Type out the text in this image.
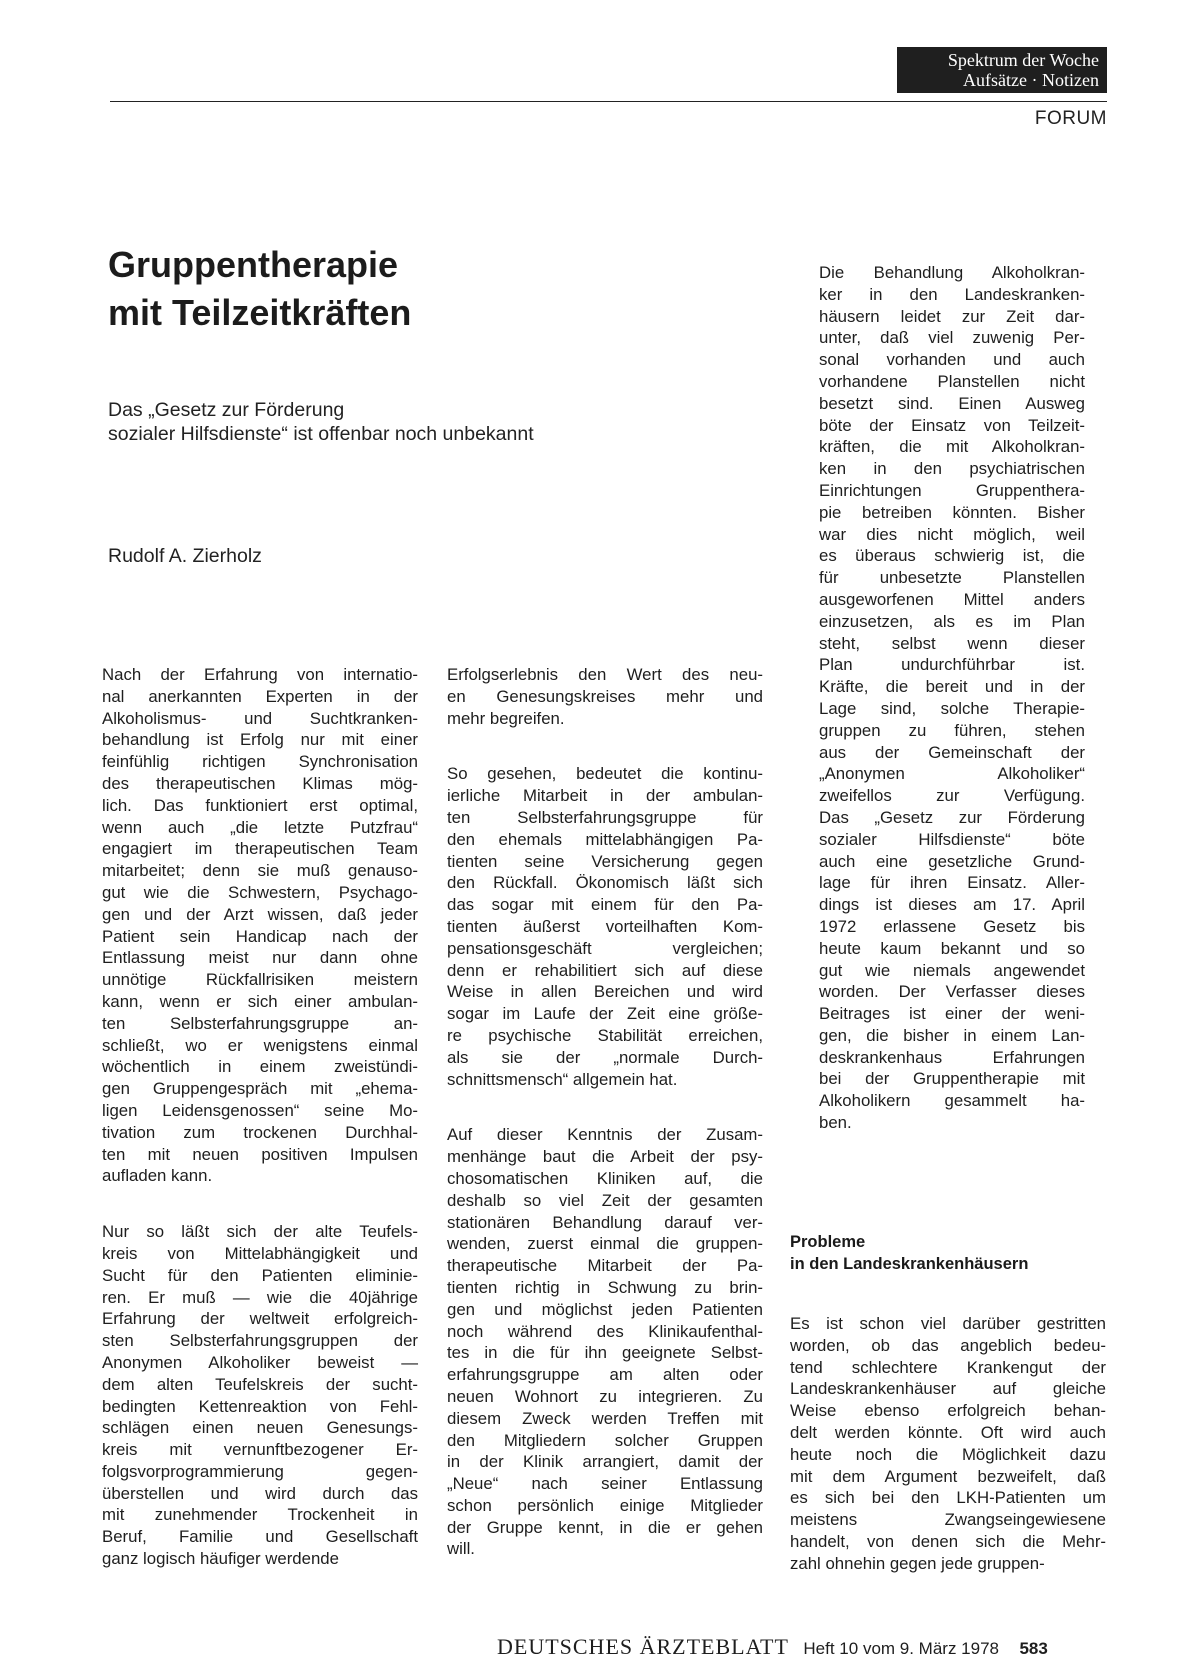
Spektrum der Woche
Aufsätze · Notizen
FORUM
Gruppentherapie
mit Teilzeitkräften
Das „Gesetz zur Förderung
sozialer Hilfsdienste“ ist offenbar noch unbekannt
Rudolf A. Zierholz

Nach der Erfahrung von internatio-
nal anerkannten Experten in der
Alkoholismus- und Suchtkranken-
behandlung ist Erfolg nur mit einer
feinfühlig richtigen Synchronisation
des therapeutischen Klimas mög-
lich. Das funktioniert erst optimal,
wenn auch „die letzte Putzfrau“
engagiert im therapeutischen Team
mitarbeitet; denn sie muß genauso-
gut wie die Schwestern, Psychago-
gen und der Arzt wissen, daß jeder
Patient sein Handicap nach der
Entlassung meist nur dann ohne
unnötige Rückfallrisiken meistern
kann, wenn er sich einer ambulan-
ten Selbsterfahrungsgruppe an-
schließt, wo er wenigstens einmal
wöchentlich in einem zweistündi-
gen Gruppengespräch mit „ehema-
ligen Leidensgenossen“ seine Mo-
tivation zum trockenen Durchhal-
ten mit neuen positiven Impulsen
aufladen kann.

Nur so läßt sich der alte Teufels-
kreis von Mittelabhängigkeit und
Sucht für den Patienten eliminie-
ren. Er muß — wie die 40jährige
Erfahrung der weltweit erfolgreich-
sten Selbsterfahrungsgruppen der
Anonymen Alkoholiker beweist —
dem alten Teufelskreis der sucht-
bedingten Kettenreaktion von Fehl-
schlägen einen neuen Genesungs-
kreis mit vernunftbezogener Er-
folgsvorprogrammierung gegen-
überstellen und wird durch das
mit zunehmender Trockenheit in
Beruf, Familie und Gesellschaft
ganz logisch häufiger werdende

Erfolgserlebnis den Wert des neu-
en Genesungskreises mehr und
mehr begreifen.

So gesehen, bedeutet die kontinu-
ierliche Mitarbeit in der ambulan-
ten Selbsterfahrungsgruppe für
den ehemals mittelabhängigen Pa-
tienten seine Versicherung gegen
den Rückfall. Ökonomisch läßt sich
das sogar mit einem für den Pa-
tienten äußerst vorteilhaften Kom-
pensationsgeschäft vergleichen;
denn er rehabilitiert sich auf diese
Weise in allen Bereichen und wird
sogar im Laufe der Zeit eine größe-
re psychische Stabilität erreichen,
als sie der „normale Durch-
schnittsmensch“ allgemein hat.

Auf dieser Kenntnis der Zusam-
menhänge baut die Arbeit der psy-
chosomatischen Kliniken auf, die
deshalb so viel Zeit der gesamten
stationären Behandlung darauf ver-
wenden, zuerst einmal die gruppen-
therapeutische Mitarbeit der Pa-
tienten richtig in Schwung zu brin-
gen und möglichst jeden Patienten
noch während des Klinikaufenthal-
tes in die für ihn geeignete Selbst-
erfahrungsgruppe am alten oder
neuen Wohnort zu integrieren. Zu
diesem Zweck werden Treffen mit
den Mitgliedern solcher Gruppen
in der Klinik arrangiert, damit der
„Neue“ nach seiner Entlassung
schon persönlich einige Mitglieder
der Gruppe kennt, in die er gehen
will.

Die Behandlung Alkoholkran-
ker in den Landeskranken-
häusern leidet zur Zeit dar-
unter, daß viel zuwenig Per-
sonal vorhanden und auch
vorhandene Planstellen nicht
besetzt sind. Einen Ausweg
böte der Einsatz von Teilzeit-
kräften, die mit Alkoholkran-
ken in den psychiatrischen
Einrichtungen Gruppenthera-
pie betreiben könnten. Bisher
war dies nicht möglich, weil
es überaus schwierig ist, die
für unbesetzte Planstellen
ausgeworfenen Mittel anders
einzusetzen, als es im Plan
steht, selbst wenn dieser
Plan undurchführbar ist.
Kräfte, die bereit und in der
Lage sind, solche Therapie-
gruppen zu führen, stehen
aus der Gemeinschaft der
„Anonymen Alkoholiker“
zweifellos zur Verfügung.
Das „Gesetz zur Förderung
sozialer Hilfsdienste“ böte
auch eine gesetzliche Grund-
lage für ihren Einsatz. Aller-
dings ist dieses am 17. April
1972 erlassene Gesetz bis
heute kaum bekannt und so
gut wie niemals angewendet
worden. Der Verfasser dieses
Beitrages ist einer der weni-
gen, die bisher in einem Lan-
deskrankenhaus Erfahrungen
bei der Gruppentherapie mit
Alkoholikern gesammelt ha-
ben.

Probleme
in den Landeskrankenhäusern

Es ist schon viel darüber gestritten
worden, ob das angeblich bedeu-
tend schlechtere Krankengut der
Landeskrankenhäuser auf gleiche
Weise ebenso erfolgreich behan-
delt werden könnte. Oft wird auch
heute noch die Möglichkeit dazu
mit dem Argument bezweifelt, daß
es sich bei den LKH-Patienten um
meistens Zwangseingewiesene
handelt, von denen sich die Mehr-
zahl ohnehin gegen jede gruppen-

DEUTSCHES ÄRZTEBLATT Heft 10 vom 9. März 1978 583
